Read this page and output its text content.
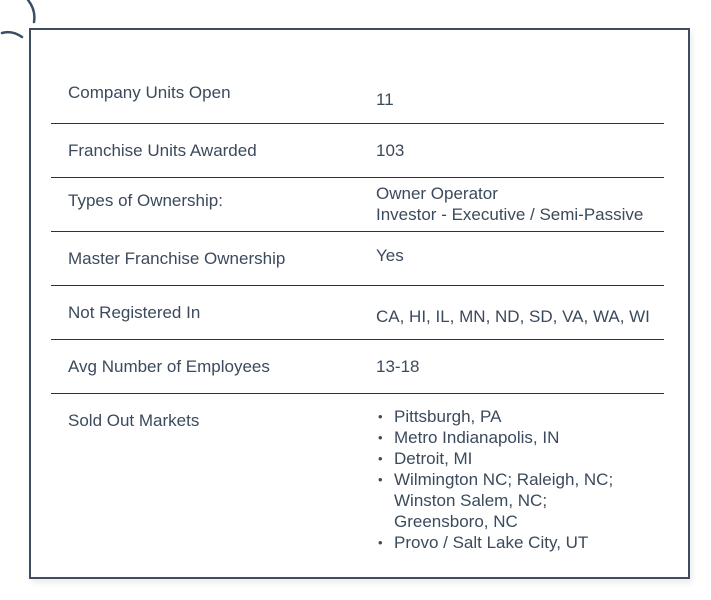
Company Units Open	11
Franchise Units Awarded	103
Types of Ownership:	Owner Operator
Investor - Executive / Semi-Passive
Master Franchise Ownership	Yes
Not Registered In	CA, HI, IL, MN, ND, SD, VA, WA, WI
Avg Number of Employees	13-18
Sold Out Markets	• Pittsburgh, PA
• Metro Indianapolis, IN
• Detroit, MI
• Wilmington NC; Raleigh, NC; Winston Salem, NC; Greensboro, NC
• Provo / Salt Lake City, UT
